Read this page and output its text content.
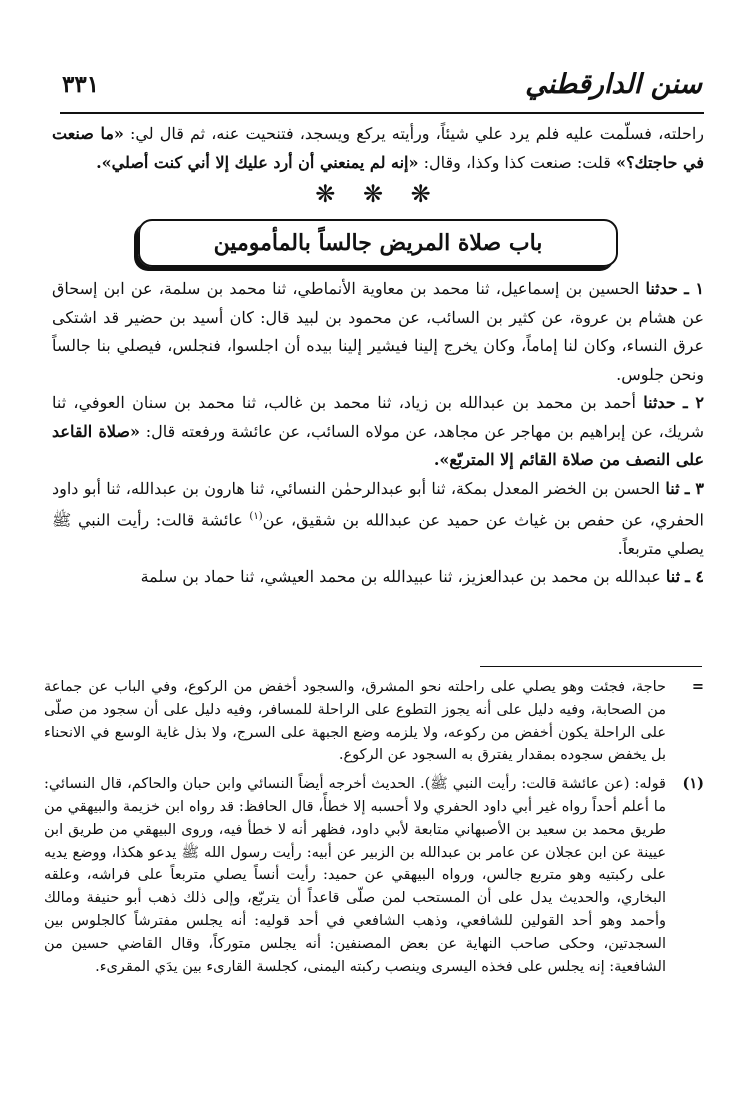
سنن الدارقطني
٣٣١

راحلته، فسلّمت عليه فلم يرد علي شيئاً، ورأيته يركع ويسجد، فتنحيت عنه، ثم قال لي: «ما صنعت في حاجتك؟» قلت: صنعت كذا وكذا، وقال: «إنه لم يمنعني أن أرد عليك إلا أني كنت أصلي».

❋ ❋ ❋
باب صلاة المريض جالساً بالمأمومين

١ ـ حدثنا الحسين بن إسماعيل، ثنا محمد بن معاوية الأنماطي، ثنا محمد بن سلمة، عن ابن إسحاق عن هشام بن عروة، عن كثير بن السائب، عن محمود بن لبيد قال: كان أسيد بن حضير قد اشتكى عرق النساء، وكان لنا إماماً، وكان يخرج إلينا فيشير إلينا بيده أن اجلسوا، فنجلس، فيصلي بنا جالساً ونحن جلوس.

٢ ـ حدثنا أحمد بن محمد بن عبدالله بن زياد، ثنا محمد بن غالب، ثنا محمد بن سنان العوفي، ثنا شريك، عن إبراهيم بن مهاجر عن مجاهد، عن مولاه السائب، عن عائشة ورفعته قال: «صلاة القاعد على النصف من صلاة القائم إلا المتربّع».

٣ ـ ثنا الحسن بن الخضر المعدل بمكة، ثنا أبو عبدالرحمٰن النسائي، ثنا هارون بن عبدالله، ثنا أبو داود الحفري، عن حفص بن غياث عن حميد عن عبدالله بن شقيق، عن$^{(١)}$ عائشة قالت: رأيت النبي ﷺ يصلي متربعاً.

٤ ـ ثنا عبدالله بن محمد بن عبدالعزيز، ثنا عبيدالله بن محمد العيشي، ثنا حماد بن سلمة

=

حاجة، فجئت وهو يصلي على راحلته نحو المشرق، والسجود أخفض من الركوع، وفي الباب عن جماعة من الصحابة، وفيه دليل على أنه يجوز التطوع على الراحلة للمسافر، وفيه دليل على أن سجود من صلّى على الراحلة يكون أخفض من ركوعه، ولا يلزمه وضع الجبهة على السرج، ولا بذل غاية الوسع في الانحناء بل يخفض سجوده بمقدار يفترق به السجود عن الركوع.

(١)

قوله: (عن عائشة قالت: رأيت النبي ﷺ). الحديث أخرجه أيضاً النسائي وابن حبان والحاكم، قال النسائي: ما أعلم أحداً رواه غير أبي داود الحفري ولا أحسبه إلا خطأً، قال الحافظ: قد رواه ابن خزيمة والبيهقي من طريق محمد بن سعيد بن الأصبهاني متابعة لأبي داود، فظهر أنه لا خطأ فيه، وروى البيهقي من طريق ابن عيينة عن ابن عجلان عن عامر بن عبدالله بن الزبير عن أبيه: رأيت رسول الله ﷺ يدعو هكذا، ووضع يديه على ركبتيه وهو متربع جالس، ورواه البيهقي عن حميد: رأيت أنساً يصلي متربعاً على فراشه، وعلقه البخاري، والحديث يدل على أن المستحب لمن صلّى قاعداً أن يتربّع، وإلى ذلك ذهب أبو حنيفة ومالك وأحمد وهو أحد القولين للشافعي، وذهب الشافعي في أحد قوليه: أنه يجلس مفترشاً كالجلوس بين السجدتين، وحكى صاحب النهاية عن بعض المصنفين: أنه يجلس متوركاً، وقال القاضي حسين من الشافعية: إنه يجلس على فخذه اليسرى وينصب ركبته اليمنى، كجلسة القارىء بين يدَي المقرىء.
